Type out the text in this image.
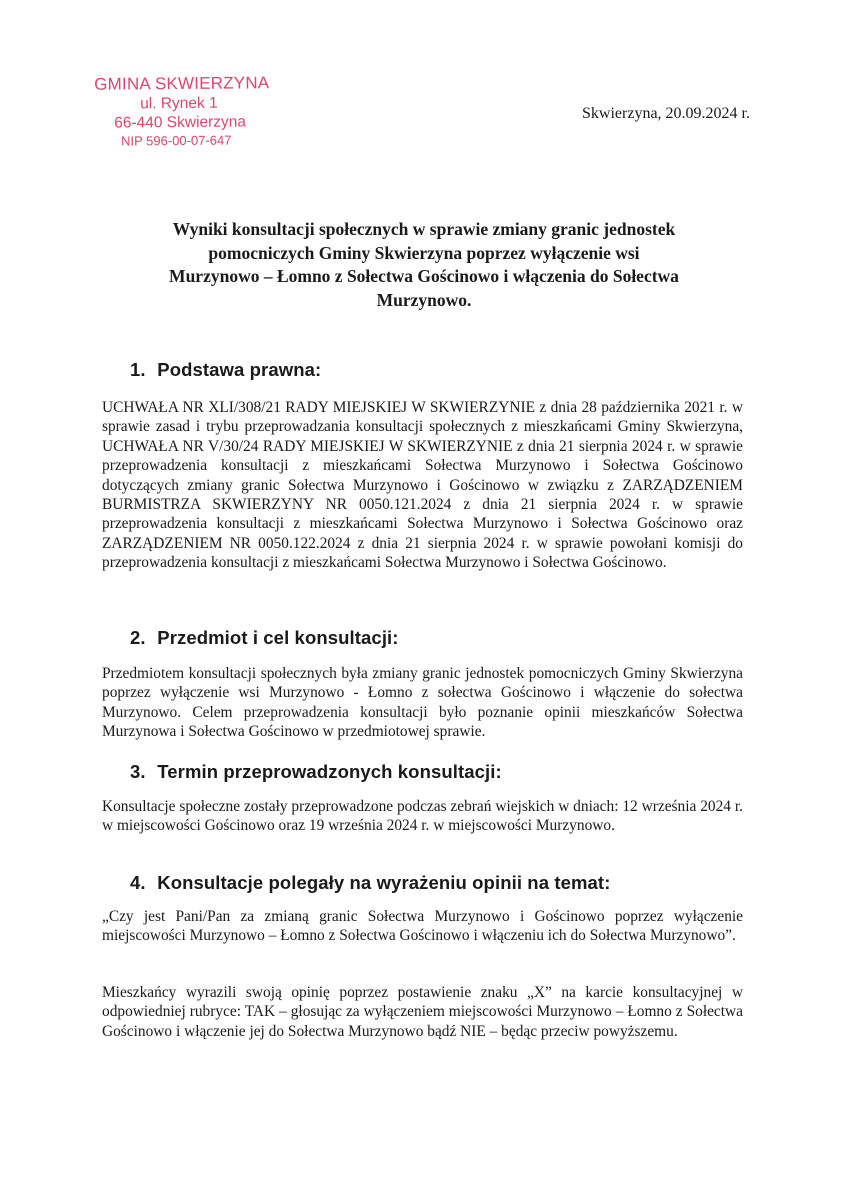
GMINA SKWIERZYNA
ul. Rynek 1
66-440 Skwierzyna
NIP 596-00-07-647
Skwierzyna, 20.09.2024 r.
Wyniki konsultacji społecznych w sprawie zmiany granic jednostek
pomocniczych Gminy Skwierzyna poprzez wyłączenie wsi
Murzynowo – Łomno z Sołectwa Gościnowo i włączenia do Sołectwa
Murzynowo.
1. Podstawa prawna:
UCHWAŁA NR XLI/308/21 RADY MIEJSKIEJ W SKWIERZYNIE z dnia 28 października 2021 r. w sprawie zasad i trybu przeprowadzania konsultacji społecznych z mieszkańcami Gminy Skwierzyna, UCHWAŁA NR V/30/24 RADY MIEJSKIEJ W SKWIERZYNIE z dnia 21 sierpnia 2024 r. w sprawie przeprowadzenia konsultacji z mieszkańcami Sołectwa Murzynowo i Sołectwa Gościnowo dotyczących zmiany granic Sołectwa Murzynowo i Gościnowo w związku z ZARZĄDZENIEM BURMISTRZA SKWIERZYNY NR 0050.121.2024 z dnia 21 sierpnia 2024 r. w sprawie przeprowadzenia konsultacji z mieszkańcami Sołectwa Murzynowo i Sołectwa Gościnowo oraz ZARZĄDZENIEM NR 0050.122.2024 z dnia 21 sierpnia 2024 r. w sprawie powołani komisji do przeprowadzenia konsultacji z mieszkańcami Sołectwa Murzynowo i Sołectwa Gościnowo.
2. Przedmiot i cel konsultacji:
Przedmiotem konsultacji społecznych była zmiany granic jednostek pomocniczych Gminy Skwierzyna poprzez wyłączenie wsi Murzynowo - Łomno z sołectwa Gościnowo i włączenie do sołectwa Murzynowo. Celem przeprowadzenia konsultacji było poznanie opinii mieszkańców Sołectwa Murzynowa i Sołectwa Gościnowo w przedmiotowej sprawie.
3. Termin przeprowadzonych konsultacji:
Konsultacje społeczne zostały przeprowadzone podczas zebrań wiejskich w dniach: 12 września 2024 r. w miejscowości Gościnowo oraz 19 września 2024 r. w miejscowości Murzynowo.
4. Konsultacje polegały na wyrażeniu opinii na temat:
„Czy jest Pani/Pan za zmianą granic Sołectwa Murzynowo i Gościnowo poprzez wyłączenie miejscowości Murzynowo – Łomno z Sołectwa Gościnowo i włączeniu ich do Sołectwa Murzynowo”.
Mieszkańcy wyrazili swoją opinię poprzez postawienie znaku „X” na karcie konsultacyjnej w odpowiedniej rubryce: TAK – głosując za wyłączeniem miejscowości Murzynowo – Łomno z Sołectwa Gościnowo i włączenie jej do Sołectwa Murzynowo bądź NIE – będąc przeciw powyższemu.
